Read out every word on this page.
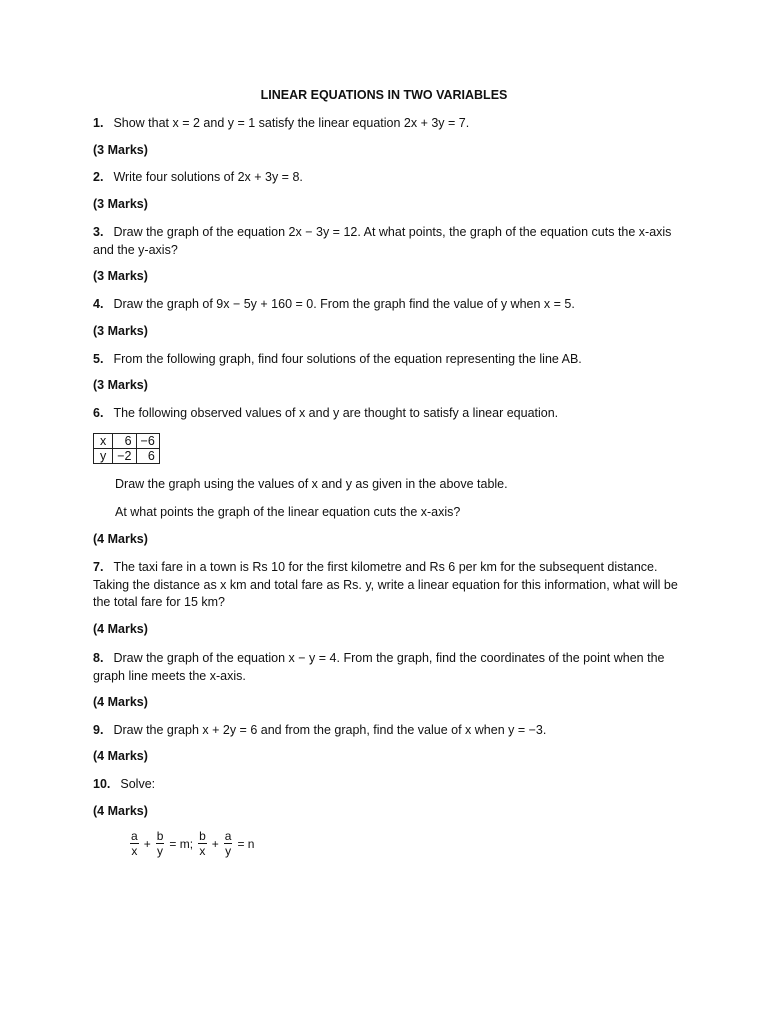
LINEAR EQUATIONS IN TWO VARIABLES
1. Show that x = 2 and y = 1 satisfy the linear equation 2x + 3y = 7.
(3 Marks)
2. Write four solutions of 2x + 3y = 8.
(3 Marks)
3. Draw the graph of the equation 2x − 3y = 12. At what points, the graph of the equation cuts the x-axis and the y-axis?
(3 Marks)
4. Draw the graph of 9x − 5y + 160 = 0. From the graph find the value of y when x = 5.
(3 Marks)
5. From the following graph, find four solutions of the equation representing the line AB.
(3 Marks)
6. The following observed values of x and y are thought to satisfy a linear equation.
x	6	−6
y	−2	6
Draw the graph using the values of x and y as given in the above table.
At what points the graph of the linear equation cuts the x-axis?
(4 Marks)
7. The taxi fare in a town is Rs 10 for the first kilometre and Rs 6 per km for the subsequent distance. Taking the distance as x km and total fare as Rs. y, write a linear equation for this information, what will be the total fare for 15 km?
(4 Marks)
8. Draw the graph of the equation x − y = 4. From the graph, find the coordinates of the point when the graph line meets the x-axis.
(4 Marks)
9. Draw the graph x + 2y = 6 and from the graph, find the value of x when y = −3.
(4 Marks)
10. Solve:
(4 Marks)
$\frac{a}{x} + \frac{b}{y} = m$; $\frac{b}{x} + \frac{a}{y} = n$
